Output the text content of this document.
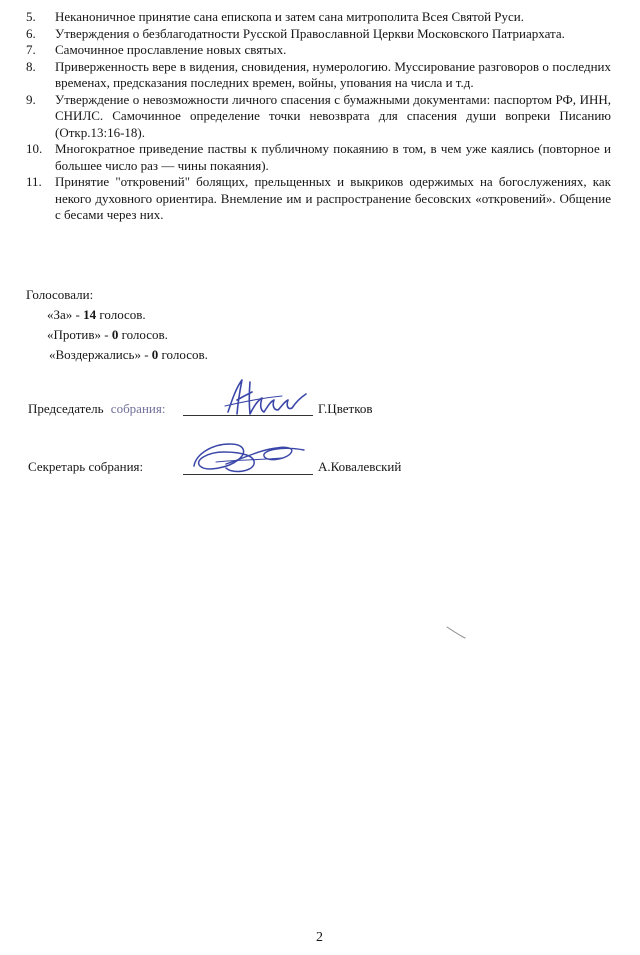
5. Неканоничное принятие сана епископа и затем сана митрополита Всея Святой Руси.
6. Утверждения о безблагодатности Русской Православной Церкви Московского Патриархата.
7. Самочинное прославление новых святых.
8. Приверженность вере в видения, сновидения, нумерологию. Муссирование разговоров о последних временах, предсказания последних времен, войны, упования на числа и т.д.
9. Утверждение о невозможности личного спасения с бумажными документами: паспортом РФ, ИНН, СНИЛС. Самочинное определение точки невозврата для спасения души вопреки Писанию (Откр.13:16-18).
10. Многократное приведение паствы к публичному покаянию в том, в чем уже каялись (повторное и большее число раз — чины покаяния).
11. Принятие "откровений" болящих, прельщенных и выкриков одержимых на богослужениях, как некого духовного ориентира. Внемление им и распространение бесовских «откровений». Общение с бесами через них.
Голосовали:
«За» - 14 голосов.
«Против» - 0 голосов.
«Воздержались» - 0 голосов.
Председатель собрания:	Г.Цветков
Секретарь собрания:	А.Ковалевский
2
